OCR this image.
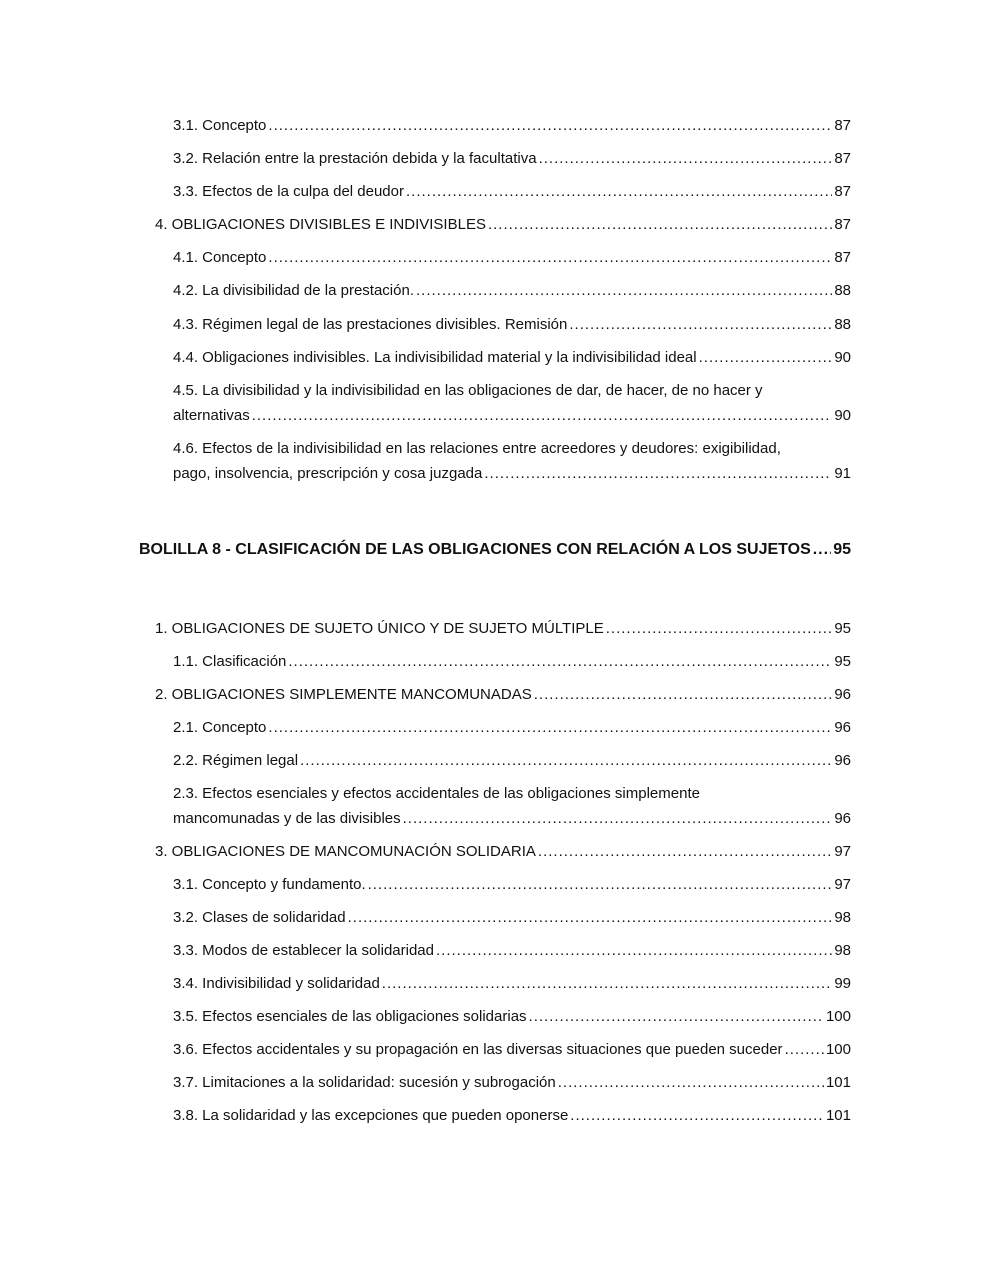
3.1. Concepto .....	87
3.2. Relación entre la prestación debida y la facultativa .....	87
3.3. Efectos de la culpa del deudor .....	87
4. OBLIGACIONES DIVISIBLES E INDIVISIBLES .....	87
4.1. Concepto .....	87
4.2. La divisibilidad de la prestación. .....	88
4.3. Régimen legal de las prestaciones divisibles. Remisión .....	88
4.4. Obligaciones indivisibles. La indivisibilidad material y la indivisibilidad ideal .....	90
4.5. La divisibilidad y la indivisibilidad en las obligaciones de dar, de hacer, de no hacer y
alternativas .....	90
4.6. Efectos de la indivisibilidad en las relaciones entre acreedores y deudores: exigibilidad,
pago, insolvencia, prescripción y cosa juzgada .....	91
BOLILLA 8 - CLASIFICACIÓN DE LAS OBLIGACIONES CON RELACIÓN A LOS SUJETOS ..... 95
1. OBLIGACIONES DE SUJETO ÚNICO Y DE SUJETO MÚLTIPLE .....	95
1.1. Clasificación .....	95
2. OBLIGACIONES SIMPLEMENTE MANCOMUNADAS .....	96
2.1. Concepto .....	96
2.2. Régimen legal .....	96
2.3. Efectos esenciales y efectos accidentales de las obligaciones simplemente
mancomunadas y de las divisibles .....	96
3. OBLIGACIONES DE MANCOMUNACIÓN SOLIDARIA .....	97
3.1. Concepto y fundamento. .....	97
3.2. Clases de solidaridad .....	98
3.3. Modos de establecer la solidaridad .....	98
3.4. Indivisibilidad y solidaridad .....	99
3.5. Efectos esenciales de las obligaciones solidarias .....	100
3.6. Efectos accidentales y su propagación en las diversas situaciones que pueden suceder .....	100
3.7. Limitaciones a la solidaridad: sucesión y subrogación .....	101
3.8. La solidaridad y las excepciones que pueden oponerse .....	101
